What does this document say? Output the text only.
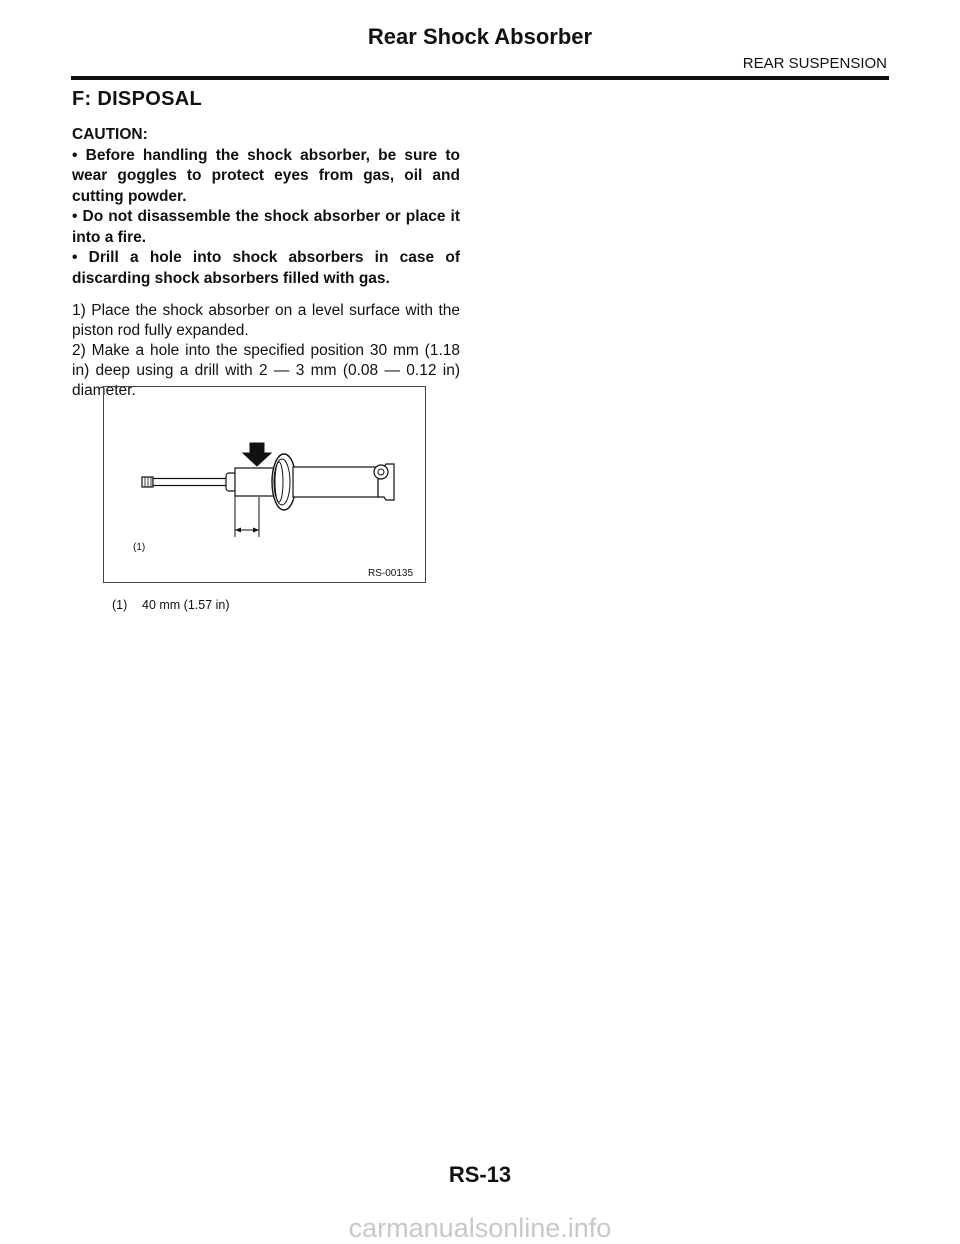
Rear Shock Absorber
REAR SUSPENSION
F: DISPOSAL

CAUTION:

• Before handling the shock absorber, be sure to wear goggles to protect eyes from gas, oil and cutting powder.

• Do not disassemble the shock absorber or place it into a fire.

• Drill a hole into shock absorbers in case of discarding shock absorbers filled with gas.

1) Place the shock absorber on a level surface with the piston rod fully expanded.

2) Make a hole into the specified position 30 mm (1.18 in) deep using a drill with 2 — 3 mm (0.08 — 0.12 in) diameter.

(1)
RS-00135
(1) 40 mm (1.57 in)
RS-13
carmanualsonline.info
